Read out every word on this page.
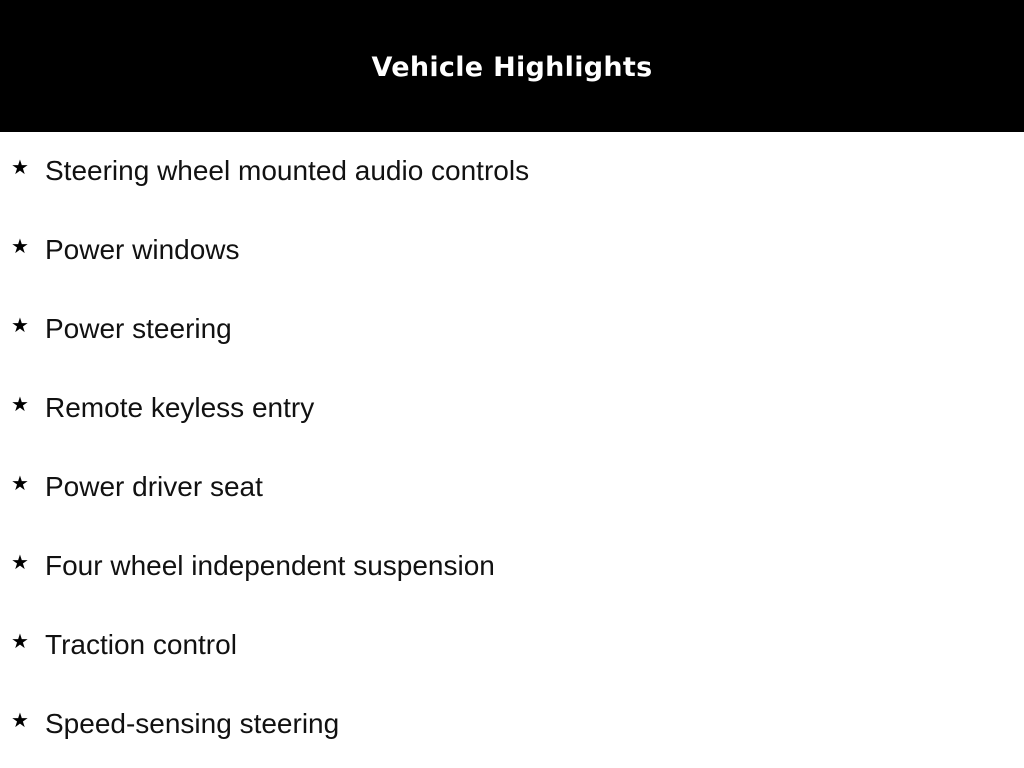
Vehicle Highlights
★ Steering wheel mounted audio controls
★ Power windows
★ Power steering
★ Remote keyless entry
★ Power driver seat
★ Four wheel independent suspension
★ Traction control
★ Speed-sensing steering
